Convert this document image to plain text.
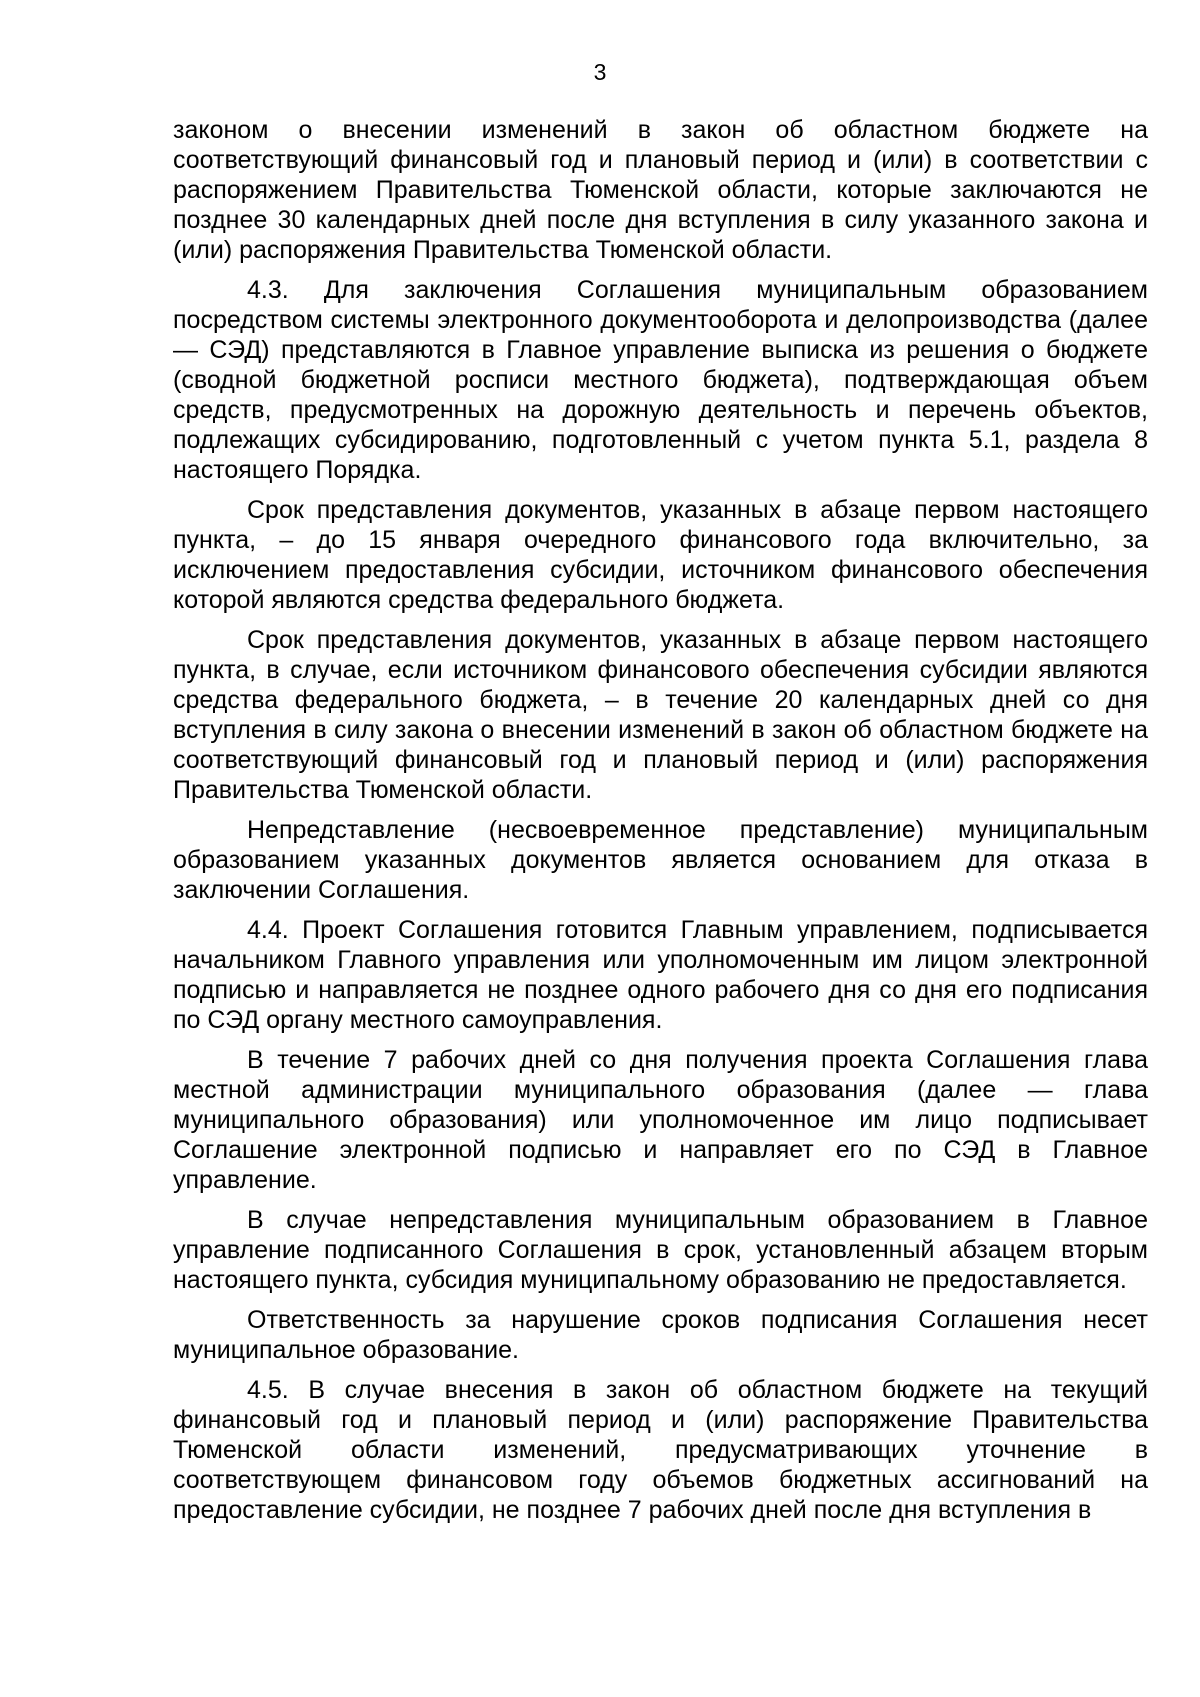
3

законом о внесении изменений в закон об областном бюджете на соответствующий финансовый год и плановый период и (или) в соответствии с распоряжением Правительства Тюменской области, которые заключаются не позднее 30 календарных дней после дня вступления в силу указанного закона и (или) распоряжения Правительства Тюменской области.

4.3. Для заключения Соглашения муниципальным образованием посредством системы электронного документооборота и делопроизводства (далее — СЭД) представляются в Главное управление выписка из решения о бюджете (сводной бюджетной росписи местного бюджета), подтверждающая объем средств, предусмотренных на дорожную деятельность и перечень объектов, подлежащих субсидированию, подготовленный с учетом пункта 5.1, раздела 8 настоящего Порядка.

Срок представления документов, указанных в абзаце первом настоящего пункта, – до 15 января очередного финансового года включительно, за исключением предоставления субсидии, источником финансового обеспечения которой являются средства федерального бюджета.

Срок представления документов, указанных в абзаце первом настоящего пункта, в случае, если источником финансового обеспечения субсидии являются средства федерального бюджета, – в течение 20 календарных дней со дня вступления в силу закона о внесении изменений в закон об областном бюджете на соответствующий финансовый год и плановый период и (или) распоряжения Правительства Тюменской области.

Непредставление (несвоевременное представление) муниципальным образованием указанных документов является основанием для отказа в заключении Соглашения.

4.4. Проект Соглашения готовится Главным управлением, подписывается начальником Главного управления или уполномоченным им лицом электронной подписью и направляется не позднее одного рабочего дня со дня его подписания по СЭД органу местного самоуправления.

В течение 7 рабочих дней со дня получения проекта Соглашения глава местной администрации муниципального образования (далее — глава муниципального образования) или уполномоченное им лицо подписывает Соглашение электронной подписью и направляет его по СЭД в Главное управление.

В случае непредставления муниципальным образованием в Главное управление подписанного Соглашения в срок, установленный абзацем вторым настоящего пункта, субсидия муниципальному образованию не предоставляется.

Ответственность за нарушение сроков подписания Соглашения несет муниципальное образование.

4.5. В случае внесения в закон об областном бюджете на текущий финансовый год и плановый период и (или) распоряжение Правительства Тюменской области изменений, предусматривающих уточнение в соответствующем финансовом году объемов бюджетных ассигнований на предоставление субсидии, не позднее 7 рабочих дней после дня вступления в
